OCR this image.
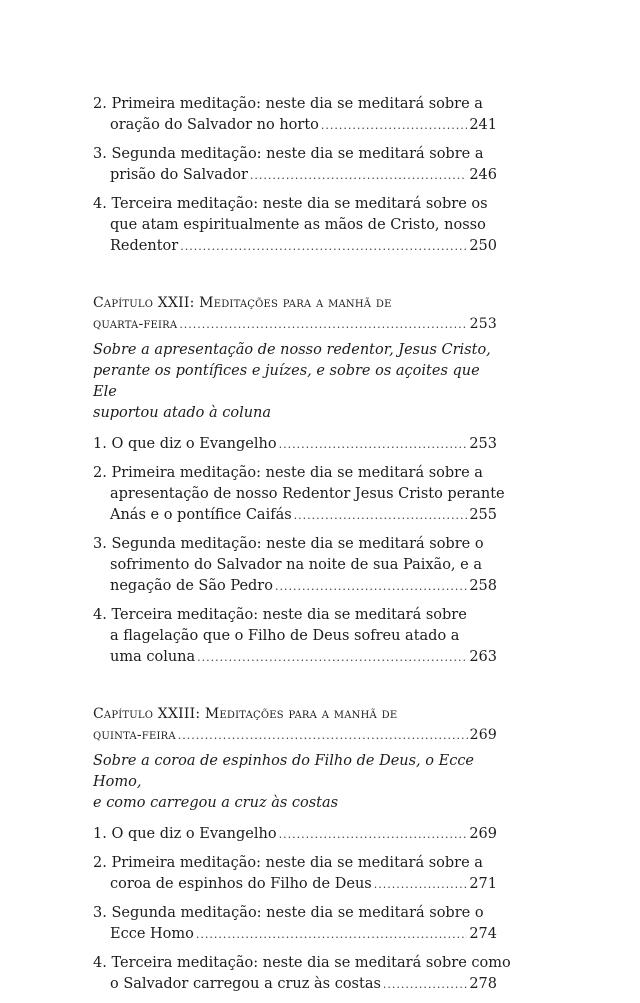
2. Primeira meditação: neste dia se meditará sobre a
oração do Salvador no horto .....	241
3. Segunda meditação: neste dia se meditará sobre a
prisão do Salvador .....	246
4. Terceira meditação: neste dia se meditará sobre os
que atam espiritualmente as mãos de Cristo, nosso
Redentor .....	250
Capítulo XXII: Meditações para a manhã de
quarta-feira .....	253
Sobre a apresentação de nosso redentor, Jesus Cristo,
perante os pontífices e juízes, e sobre os açoites que Ele
suportou atado à coluna
1. O que diz o Evangelho .....	253
2. Primeira meditação: neste dia se meditará sobre a
apresentação de nosso Redentor Jesus Cristo perante
Anás e o pontífice Caifás .....	255
3. Segunda meditação: neste dia se meditará sobre o
sofrimento do Salvador na noite de sua Paixão, e a
negação de São Pedro .....	258
4. Terceira meditação: neste dia se meditará sobre
a flagelação que o Filho de Deus sofreu atado a
uma coluna .....	263
Capítulo XXIII: Meditações para a manhã de
quinta-feira .....	269
Sobre a coroa de espinhos do Filho de Deus, o Ecce Homo,
e como carregou a cruz às costas
1. O que diz o Evangelho .....	269
2. Primeira meditação: neste dia se meditará sobre a
coroa de espinhos do Filho de Deus .....	271
3. Segunda meditação: neste dia se meditará sobre o
Ecce Homo .....	274
4. Terceira meditação: neste dia se meditará sobre como
o Salvador carregou a cruz às costas .....	278
